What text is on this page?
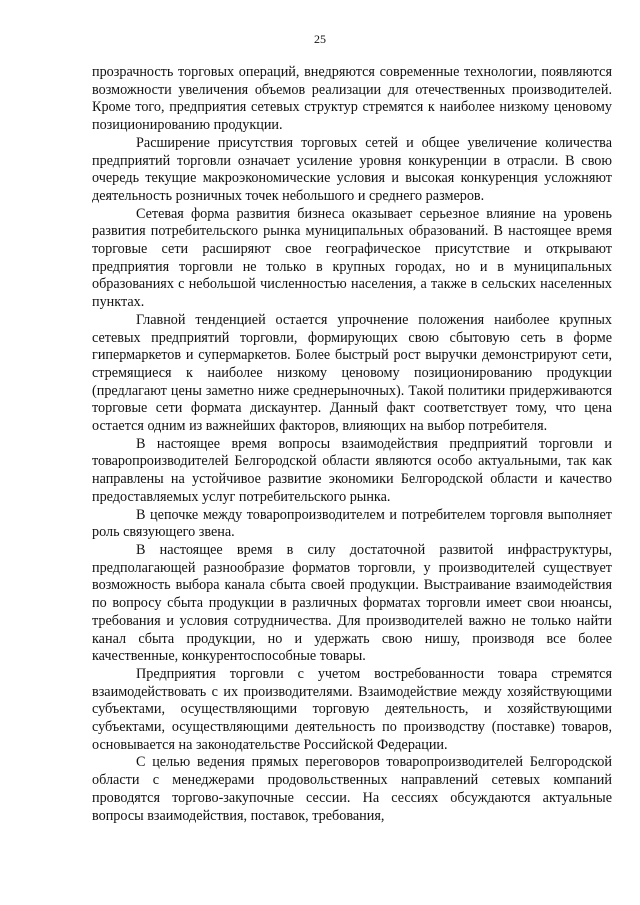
25

прозрачность торговых операций, внедряются современные технологии, появляются возможности увеличения объемов реализации для отечественных производителей. Кроме того, предприятия сетевых структур стремятся к наиболее низкому ценовому позиционированию продукции.

Расширение присутствия торговых сетей и общее увеличение количества предприятий торговли означает усиление уровня конкуренции в отрасли. В свою очередь текущие макроэкономические условия и высокая конкуренция усложняют деятельность розничных точек небольшого и среднего размеров.

Сетевая форма развития бизнеса оказывает серьезное влияние на уровень развития потребительского рынка муниципальных образований. В настоящее время торговые сети расширяют свое географическое присутствие и открывают предприятия торговли не только в крупных городах, но и в муниципальных образованиях с небольшой численностью населения, а также в сельских населенных пунктах.

Главной тенденцией остается упрочнение положения наиболее крупных сетевых предприятий торговли, формирующих свою сбытовую сеть в форме гипермаркетов и супермаркетов. Более быстрый рост выручки демонстрируют сети, стремящиеся к наиболее низкому ценовому позиционированию продукции (предлагают цены заметно ниже среднерыночных). Такой политики придерживаются торговые сети формата дискаунтер. Данный факт соответствует тому, что цена остается одним из важнейших факторов, влияющих на выбор потребителя.

В настоящее время вопросы взаимодействия предприятий торговли и товаропроизводителей Белгородской области являются особо актуальными, так как направлены на устойчивое развитие экономики Белгородской области и качество предоставляемых услуг потребительского рынка.

В цепочке между товаропроизводителем и потребителем торговля выполняет роль связующего звена.

В настоящее время в силу достаточной развитой инфраструктуры, предполагающей разнообразие форматов торговли, у производителей существует возможность выбора канала сбыта своей продукции. Выстраивание взаимодействия по вопросу сбыта продукции в различных форматах торговли имеет свои нюансы, требования и условия сотрудничества. Для производителей важно не только найти канал сбыта продукции, но и удержать свою нишу, производя все более качественные, конкурентоспособные товары.

Предприятия торговли с учетом востребованности товара стремятся взаимодействовать с их производителями. Взаимодействие между хозяйствующими субъектами, осуществляющими торговую деятельность, и хозяйствующими субъектами, осуществляющими деятельность по производству (поставке) товаров, основывается на законодательстве Российской Федерации.

С целью ведения прямых переговоров товаропроизводителей Белгородской области с менеджерами продовольственных направлений сетевых компаний проводятся торгово-закупочные сессии. На сессиях обсуждаются актуальные вопросы взаимодействия, поставок, требования,
